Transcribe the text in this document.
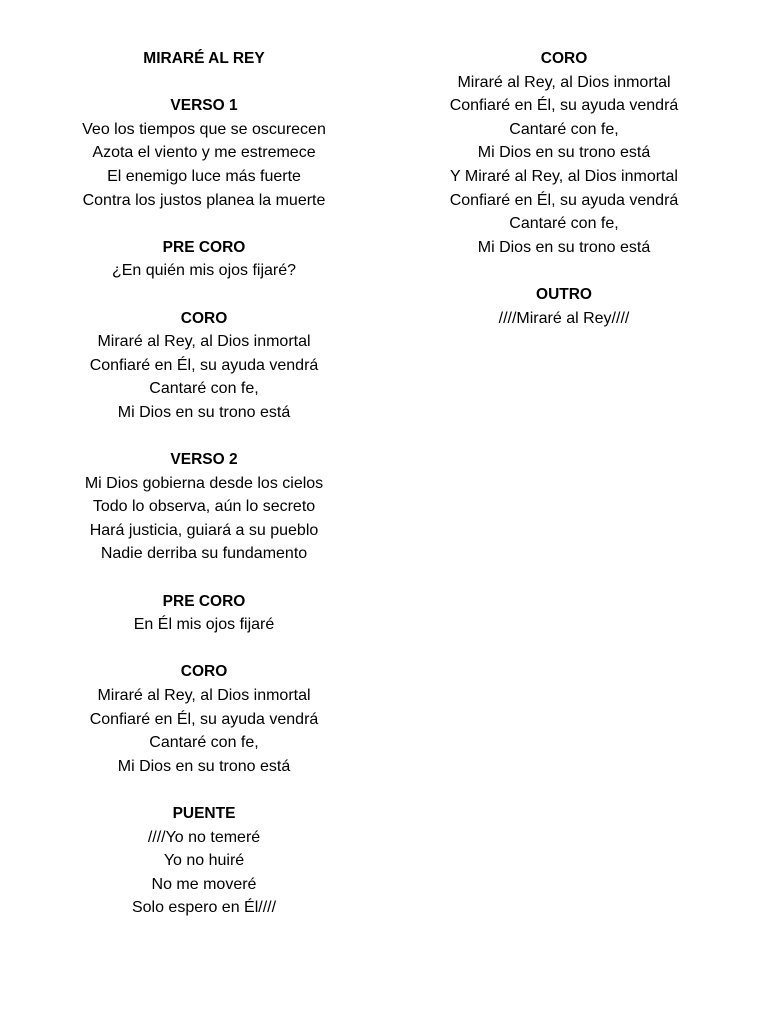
MIRARÉ AL REY
VERSO 1
Veo los tiempos que se oscurecen
Azota el viento y me estremece
El enemigo luce más fuerte
Contra los justos planea la muerte
PRE CORO
¿En quién mis ojos fijaré?
CORO
Miraré al Rey, al Dios inmortal
Confiaré en Él, su ayuda vendrá
Cantaré con fe,
Mi Dios en su trono está
VERSO 2
Mi Dios gobierna desde los cielos
Todo lo observa, aún lo secreto
Hará justicia, guiará a su pueblo
Nadie derriba su fundamento
PRE CORO
En Él mis ojos fijaré
CORO
Miraré al Rey, al Dios inmortal
Confiaré en Él, su ayuda vendrá
Cantaré con fe,
Mi Dios en su trono está
PUENTE
////Yo no temeré
Yo no huiré
No me moveré
Solo espero en Él////
CORO
Miraré al Rey, al Dios inmortal
Confiaré en Él, su ayuda vendrá
Cantaré con fe,
Mi Dios en su trono está
Y Miraré al Rey, al Dios inmortal
Confiaré en Él, su ayuda vendrá
Cantaré con fe,
Mi Dios en su trono está
OUTRO
////Miraré al Rey////
